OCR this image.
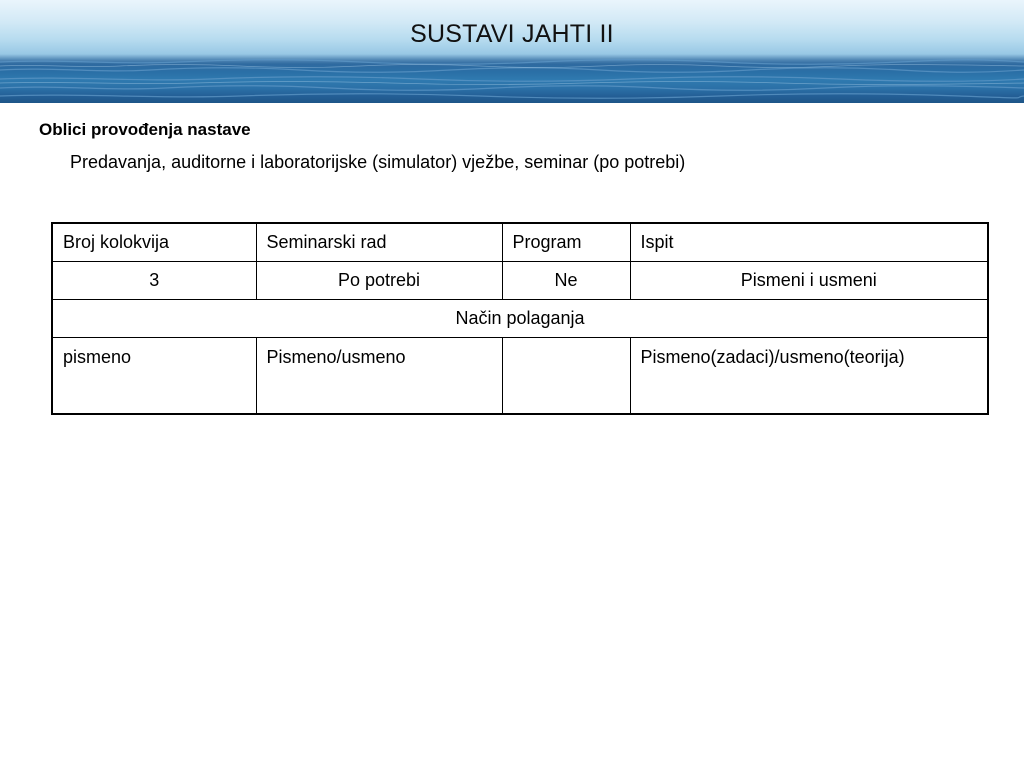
SUSTAVI JAHTI II

Oblici provođenja nastave

Predavanja, auditorne i laboratorijske (simulator) vježbe, seminar (po potrebi)

Broj kolokvija	Seminarski rad	Program	Ispit
3	Po potrebi	Ne	Pismeni i usmeni
Način polaganja			
pismeno	Pismeno/usmeno		Pismeno(zadaci)/usmeno(teorija)
